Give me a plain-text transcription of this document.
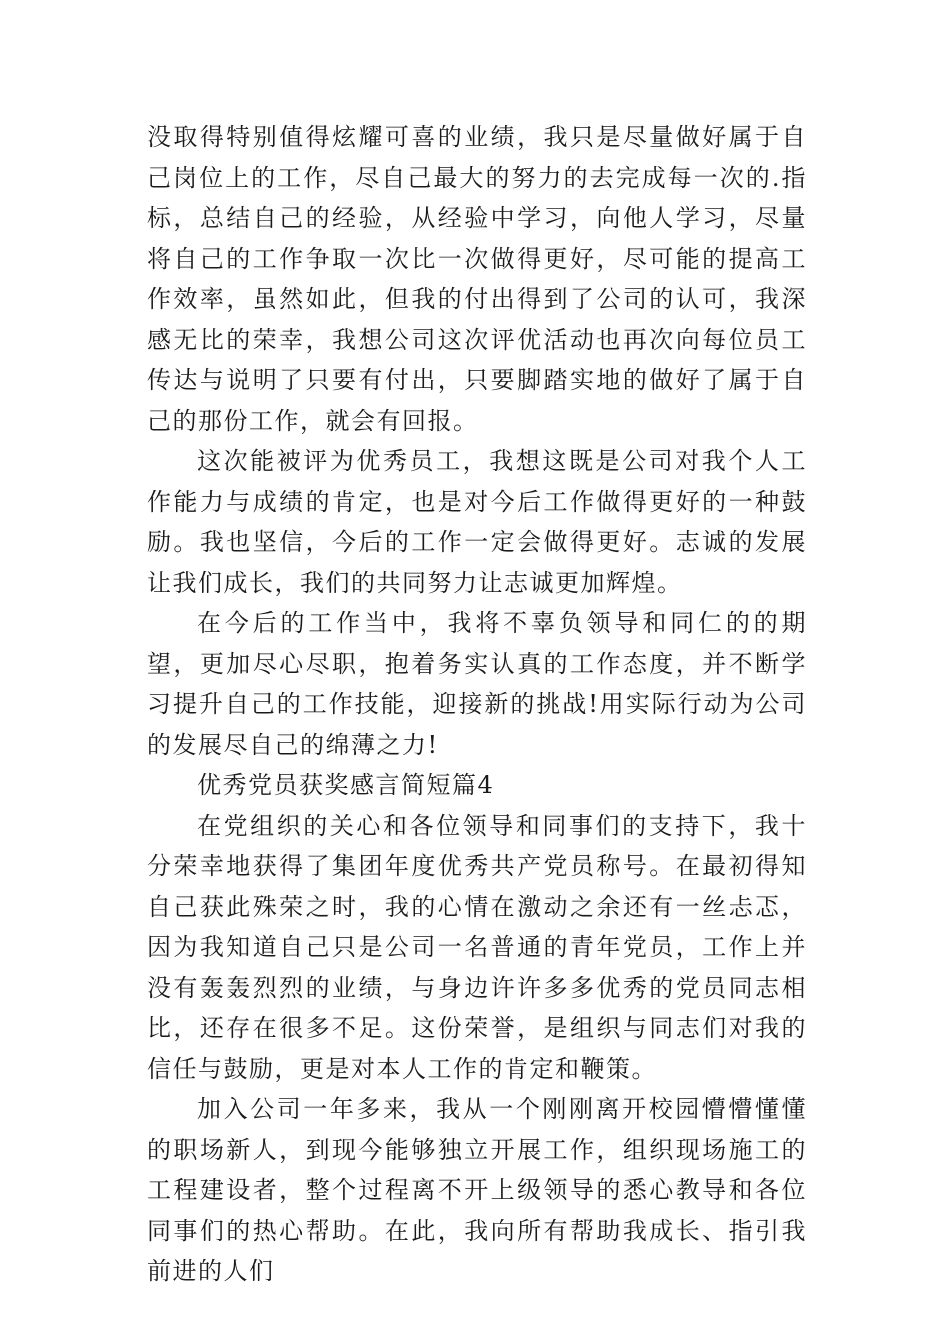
没取得特别值得炫耀可喜的业绩，我只是尽量做好属于自己岗位上的工作，尽自己最大的努力的去完成每一次的.指标，总结自己的经验，从经验中学习，向他人学习，尽量将自己的工作争取一次比一次做得更好，尽可能的提高工作效率，虽然如此，但我的付出得到了公司的认可，我深感无比的荣幸，我想公司这次评优活动也再次向每位员工传达与说明了只要有付出，只要脚踏实地的做好了属于自己的那份工作，就会有回报。

这次能被评为优秀员工，我想这既是公司对我个人工作能力与成绩的肯定，也是对今后工作做得更好的一种鼓励。我也坚信，今后的工作一定会做得更好。志诚的发展让我们成长，我们的共同努力让志诚更加辉煌。

在今后的工作当中，我将不辜负领导和同仁的的期望，更加尽心尽职，抱着务实认真的工作态度，并不断学习提升自己的工作技能，迎接新的挑战!用实际行动为公司的发展尽自己的绵薄之力!

优秀党员获奖感言简短篇4

在党组织的关心和各位领导和同事们的支持下，我十分荣幸地获得了集团年度优秀共产党员称号。在最初得知自己获此殊荣之时，我的心情在激动之余还有一丝忐忑，因为我知道自己只是公司一名普通的青年党员，工作上并没有轰轰烈烈的业绩，与身边许许多多优秀的党员同志相比，还存在很多不足。这份荣誉，是组织与同志们对我的信任与鼓励，更是对本人工作的肯定和鞭策。

加入公司一年多来，我从一个刚刚离开校园懵懵懂懂的职场新人，到现今能够独立开展工作，组织现场施工的工程建设者，整个过程离不开上级领导的悉心教导和各位同事们的热心帮助。在此，我向所有帮助我成长、指引我前进的人们
